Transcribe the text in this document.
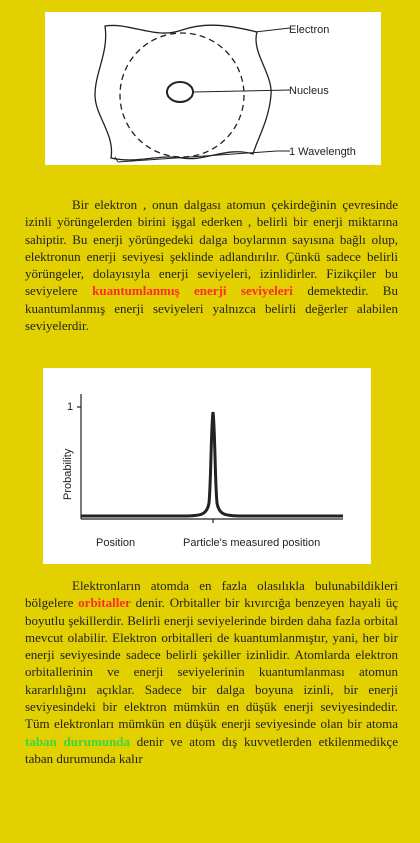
Electron
Nucleus
1 Wavelength

Bir elektron , onun dalgası atomun çekirdeğinin çevresinde izinli yörüngelerden birini işgal ederken , belirli bir enerji miktarına sahiptir. Bu enerji yörüngedeki dalga boylarının sayısına bağlı olup, elektronun enerji seviyesi şeklinde adlandırılır. Çünkü sadece belirli yörüngeler, dolayısıyla enerji seviyeleri, izinlidirler. Fizikçiler bu seviyelere kuantumlanmış enerji seviyeleri demektedir. Bu kuantumlanmış enerji seviyeleri yalnızca belirli değerler alabilen seviyelerdir.

Probability
1
Position	Particle's measured position

Elektronların atomda en fazla olasılıkla bulunabildikleri bölgelere orbitaller denir. Orbitaller bir kıvırcığa benzeyen hayali üç boyutlu şekillerdir. Belirli enerji seviyelerinde birden daha fazla orbital mevcut olabilir. Elektron orbitalleri de kuantumlanmıştır, yani, her bir enerji seviyesinde sadece belirli şekiller izinlidir. Atomlarda elektron orbitallerinin ve enerji seviyelerinin kuantumlanması atomun kararlılığını açıklar. Sadece bir dalga boyuna izinli, bir enerji seviyesindeki bir elektron mümkün en düşük enerji seviyesindedir. Tüm elektronları mümkün en düşük enerji seviyesinde olan bir atoma taban durumunda denir ve atom dış kuvvetlerden etkilenmedikçe taban durumunda kalır
